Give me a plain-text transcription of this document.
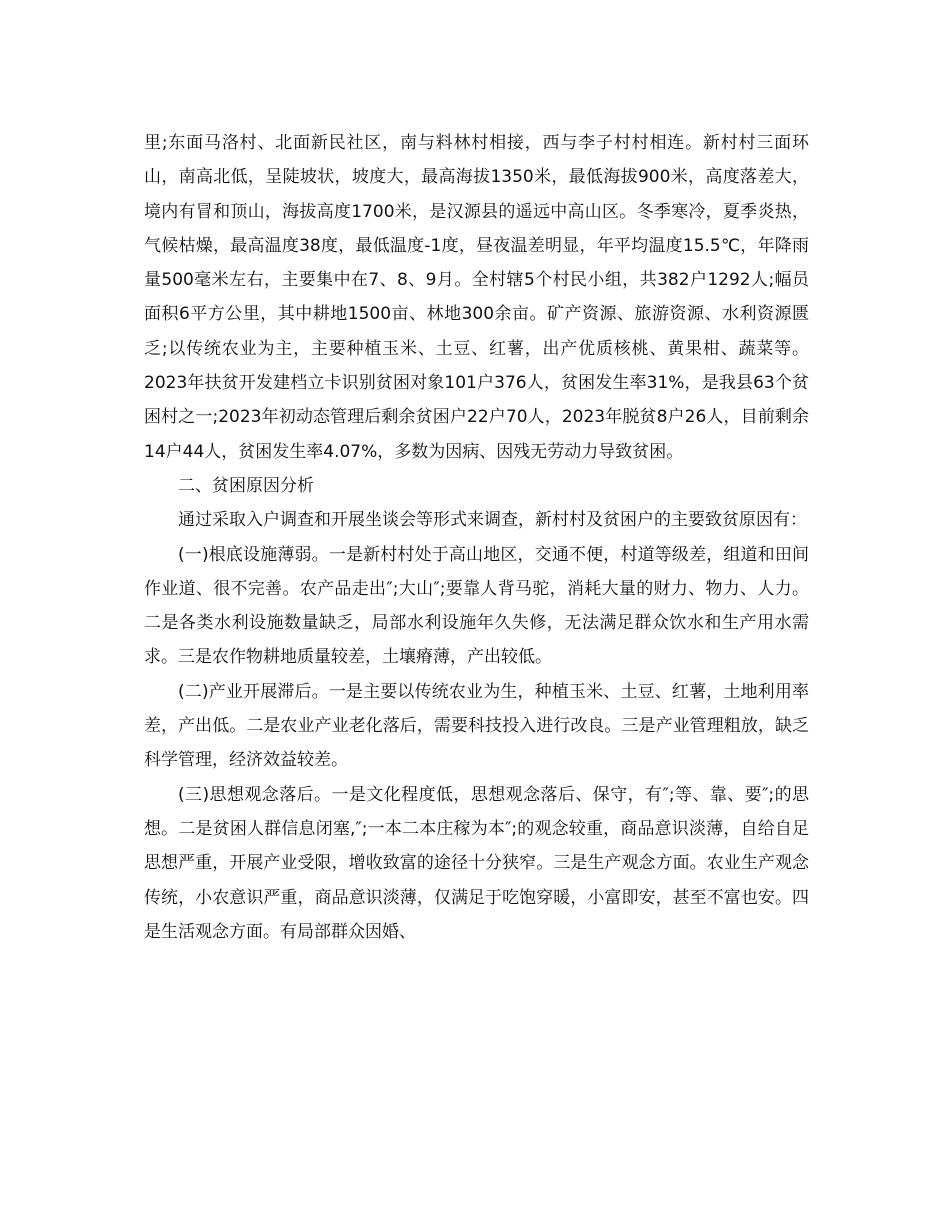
里;东面马洛村、北面新民社区，南与料林村相接，西与李子村村相连。新村村三面环山，南高北低，呈陡坡状，坡度大，最高海拔1350米，最低海拔900米，高度落差大，境内有冒和顶山，海拔高度1700米，是汉源县的遥远中高山区。冬季寒冷，夏季炎热，气候枯燥，最高温度38度，最低温度-1度，昼夜温差明显，年平均温度15.5℃，年降雨量500毫米左右，主要集中在7、8、9月。全村辖5个村民小组，共382户1292人;幅员面积6平方公里，其中耕地1500亩、林地300余亩。矿产资源、旅游资源、水利资源匮乏;以传统农业为主，主要种植玉米、土豆、红薯，出产优质核桃、黄果柑、蔬菜等。2023年扶贫开发建档立卡识别贫困对象101户376人，贫困发生率31%，是我县63个贫困村之一;2023年初动态管理后剩余贫困户22户70人，2023年脱贫8户26人，目前剩余14户44人，贫困发生率4.07%，多数为因病、因残无劳动力导致贫困。

二、贫困原因分析

通过采取入户调查和开展坐谈会等形式来调查，新村村及贫困户的主要致贫原因有：

(一)根底设施薄弱。一是新村村处于高山地区，交通不便，村道等级差，组道和田间作业道、很不完善。农产品走出″;大山″;要靠人背马驼，消耗大量的财力、物力、人力。二是各类水利设施数量缺乏，局部水利设施年久失修，无法满足群众饮水和生产用水需求。三是农作物耕地质量较差，土壤瘠薄，产出较低。

(二)产业开展滞后。一是主要以传统农业为生，种植玉米、土豆、红薯，土地利用率差，产出低。二是农业产业老化落后，需要科技投入进行改良。三是产业管理粗放，缺乏科学管理，经济效益较差。

(三)思想观念落后。一是文化程度低，思想观念落后、保守，有″;等、靠、要″;的思想。二是贫困人群信息闭塞,″;一本二本庄稼为本″;的观念较重，商品意识淡薄，自给自足思想严重，开展产业受限，增收致富的途径十分狭窄。三是生产观念方面。农业生产观念传统，小农意识严重，商品意识淡薄，仅满足于吃饱穿暖，小富即安，甚至不富也安。四是生活观念方面。有局部群众因婚、
